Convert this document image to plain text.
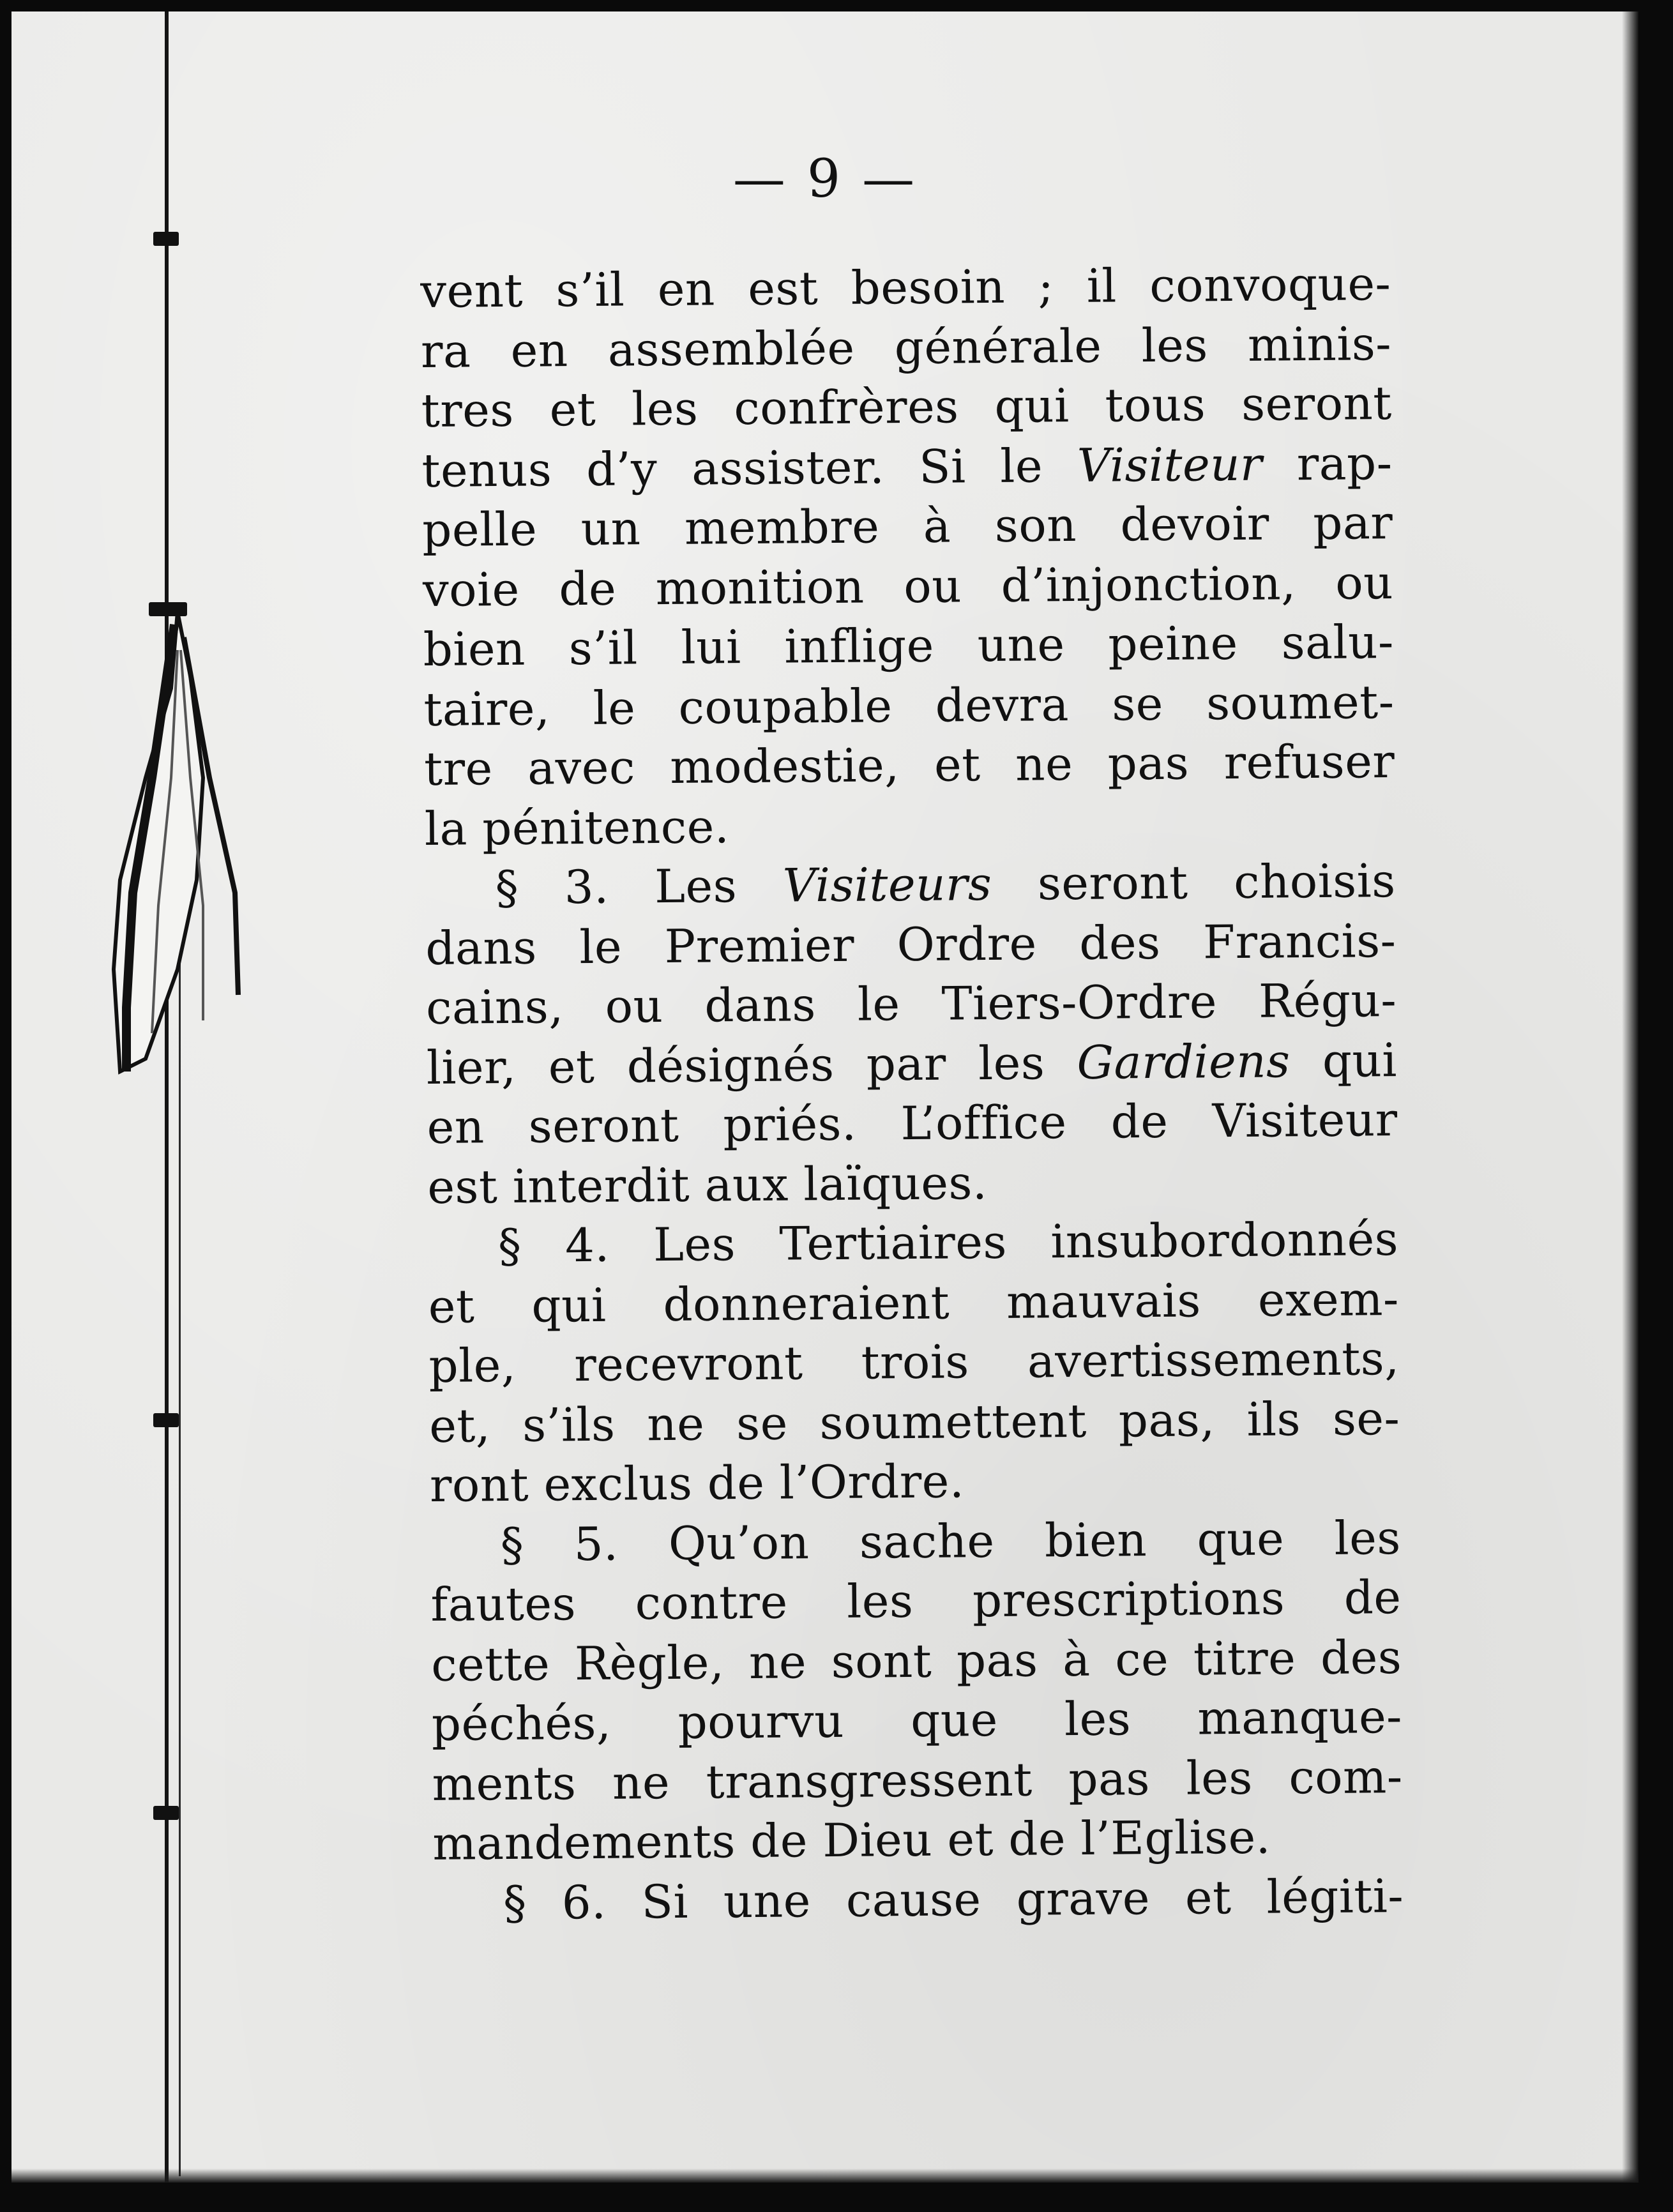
— 9 —
vent s’il en est besoin ; il convoque-
ra en assemblée générale les minis-
tres et les confrères qui tous seront
tenus d’y assister. Si le Visiteur rap-
pelle un membre à son devoir par
voie de monition ou d’injonction, ou
bien s’il lui inflige une peine salu-
taire, le coupable devra se soumet-
tre avec modestie, et ne pas refuser
la pénitence.
§ 3. Les Visiteurs seront choisis
dans le Premier Ordre des Francis-
cains, ou dans le Tiers-Ordre Régu-
lier, et désignés par les Gardiens qui
en seront priés. L’office de Visiteur
est interdit aux laïques.
§ 4. Les Tertiaires insubordonnés
et qui donneraient mauvais exem-
ple, recevront trois avertissements,
et, s’ils ne se soumettent pas, ils se-
ront exclus de l’Ordre.
§ 5. Qu’on sache bien que les
fautes contre les prescriptions de
cette Règle, ne sont pas à ce titre des
péchés, pourvu que les manque-
ments ne transgressent pas les com-
mandements de Dieu et de l’Eglise.
§ 6. Si une cause grave et légiti-
